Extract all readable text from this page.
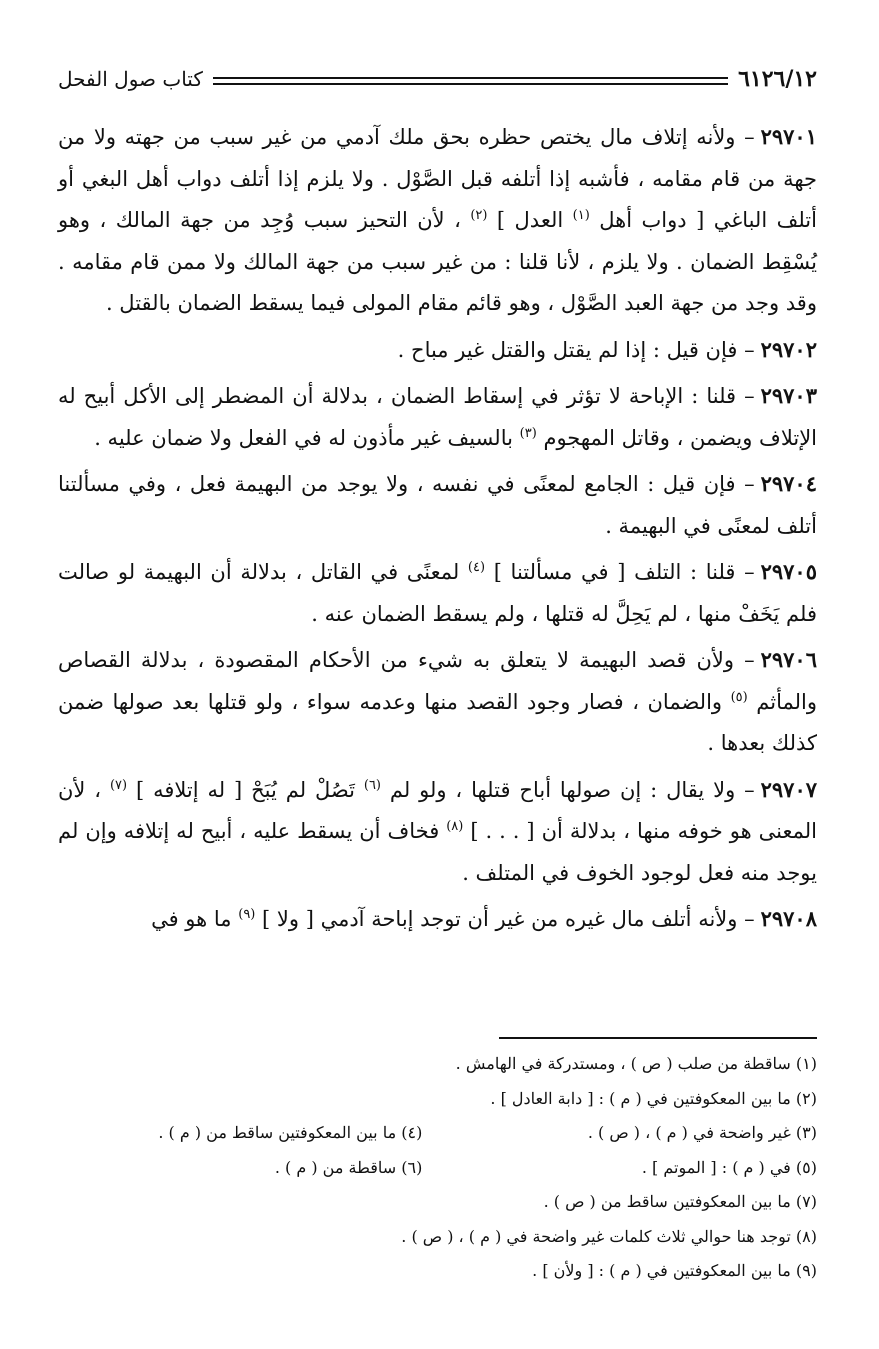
٦١٢٦/١٢
كتاب صول الفحل
٢٩٧٠١– ولأنه إتلاف مال يختص حظره بحق ملك آدمي من غير سبب من جهته ولا من جهة من قام مقامه ، فأشبه إذا أتلفه قبل الصَّوْل . ولا يلزم إذا أتلف دواب أهل البغي أو أتلف الباغي [ دواب أهل $^{(١)}$ العدل ] $^{(٢)}$ ، لأن التحيز سبب وُجِد من جهة المالك ، وهو يُسْقِط الضمان . ولا يلزم ، لأنا قلنا : من غير سبب من جهة المالك ولا ممن قام مقامه . وقد وجد من جهة العبد الصَّوْل ، وهو قائم مقام المولى فيما يسقط الضمان بالقتل .
٢٩٧٠٢– فإن قيل : إذا لم يقتل والقتل غير مباح .
٢٩٧٠٣– قلنا : الإباحة لا تؤثر في إسقاط الضمان ، بدلالة أن المضطر إلى الأكل أبيح له الإتلاف ويضمن ، وقاتل المهجوم $^{(٣)}$ بالسيف غير مأذون له في الفعل ولا ضمان عليه .
٢٩٧٠٤– فإن قيل : الجامع لمعنًى في نفسه ، ولا يوجد من البهيمة فعل ، وفي مسألتنا أتلف لمعنًى في البهيمة .
٢٩٧٠٥– قلنا : التلف [ في مسألتنا ] $^{(٤)}$ لمعنًى في القاتل ، بدلالة أن البهيمة لو صالت فلم يَخَفْ منها ، لم يَحِلَّ له قتلها ، ولم يسقط الضمان عنه .
٢٩٧٠٦– ولأن قصد البهيمة لا يتعلق به شيء من الأحكام المقصودة ، بدلالة القصاص والمأثم $^{(٥)}$ والضمان ، فصار وجود القصد منها وعدمه سواء ، ولو قتلها بعد صولها ضمن كذلك بعدها .
٢٩٧٠٧– ولا يقال : إن صولها أباح قتلها ، ولو لم $^{(٦)}$ تَصُلْ لم يُبَحْ [ له إتلافه ] $^{(٧)}$ ، لأن المعنى هو خوفه منها ، بدلالة أن [ . . . ] $^{(٨)}$ فخاف أن يسقط عليه ، أبيح له إتلافه وإن لم يوجد منه فعل لوجود الخوف في المتلف .
٢٩٧٠٨– ولأنه أتلف مال غيره من غير أن توجد إباحة آدمي [ ولا ] $^{(٩)}$ ما هو في
(١) ساقطة من صلب ( ص ) ، ومستدركة في الهامش .
(٢) ما بين المعكوفتين في ( م ) : [ دابة العادل ] .
(٣) غير واضحة في ( م ) ، ( ص ) .
(٤) ما بين المعكوفتين ساقط من ( م ) .
(٥) في ( م ) : [ الموتم ] .
(٦) ساقطة من ( م ) .
(٧) ما بين المعكوفتين ساقط من ( ص ) .
(٨) توجد هنا حوالي ثلاث كلمات غير واضحة في ( م ) ، ( ص ) .
(٩) ما بين المعكوفتين في ( م ) : [ ولأن ] .
